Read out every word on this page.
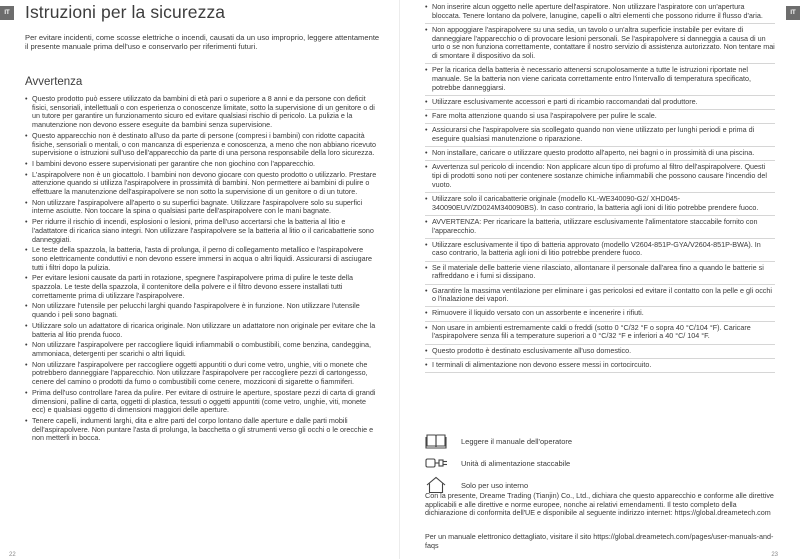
IT Istruzioni per la sicurezza

Per evitare incidenti, come scosse elettriche o incendi, causati da un uso improprio, leggere attentamente il presente manuale prima dell'uso e conservarlo per riferimenti futuri.

Avvertenza
• Questo prodotto può essere utilizzato da bambini di età pari o superiore a 8 anni e da persone con deficit fisici, sensoriali, intellettuali o con esperienza o conoscenze limitate, sotto la supervisione di un genitore o di un tutore per garantire un funzionamento sicuro ed evitare qualsiasi rischio di pericolo. La pulizia e la manutenzione non devono essere eseguite da bambini senza supervisione.
• Questo apparecchio non è destinato all'uso da parte di persone (compresi i bambini) con ridotte capacità fisiche, sensoriali o mentali, o con mancanza di esperienza e conoscenza, a meno che non abbiano ricevuto supervisione o istruzioni sull'uso dell'apparecchio da parte di una persona responsabile della loro sicurezza.
• I bambini devono essere supervisionati per garantire che non giochino con l'apparecchio.
• L'aspirapolvere non è un giocattolo. I bambini non devono giocare con questo prodotto o utilizzarlo. Prestare attenzione quando si utilizza l'aspirapolvere in prossimità di bambini. Non permettere ai bambini di pulire o effettuare la manutenzione dell'aspirapolvere se non sotto la supervisione di un genitore o di un tutore.
• Non utilizzare l'aspirapolvere all'aperto o su superfici bagnate. Utilizzare l'aspirapolvere solo su superfici interne asciutte. Non toccare la spina o qualsiasi parte dell'aspirapolvere con le mani bagnate.
• Per ridurre il rischio di incendi, esplosioni o lesioni, prima dell'uso accertarsi che la batteria al litio e l'adattatore di ricarica siano integri. Non utilizzare l'aspirapolvere se la batteria al litio o il caricabatterie sono danneggiati.
• Le teste della spazzola, la batteria, l'asta di prolunga, il perno di collegamento metallico e l'aspirapolvere sono elettricamente conduttivi e non devono essere immersi in acqua o altri liquidi. Assicurarsi di asciugare tutti i filtri dopo la pulizia.
• Per evitare lesioni causate da parti in rotazione, spegnere l'aspirapolvere prima di pulire le teste della spazzola. Le teste della spazzola, il contenitore della polvere e il filtro devono essere installati tutti correttamente prima di utilizzare l'aspirapolvere.
• Non utilizzare l'utensile per pelucchi larghi quando l'aspirapolvere è in funzione. Non utilizzare l'utensile quando i peli sono bagnati.
• Utilizzare solo un adattatore di ricarica originale. Non utilizzare un adattatore non originale per evitare che la batteria al litio prenda fuoco.
• Non utilizzare l'aspirapolvere per raccogliere liquidi infiammabili o combustibili, come benzina, candeggina, ammoniaca, detergenti per scarichi o altri liquidi.
• Non utilizzare l'aspirapolvere per raccogliere oggetti appuntiti o duri come vetro, unghie, viti o monete che potrebbero danneggiare l'apparecchio. Non utilizzare l'aspirapolvere per raccogliere pezzi di cartongesso, cenere del camino o prodotti da fumo o combustibili come cenere, mozziconi di sigarette o fiammiferi.
• Prima dell'uso controllare l'area da pulire. Per evitare di ostruire le aperture, spostare pezzi di carta di grandi dimensioni, palline di carta, oggetti di plastica, tessuti o oggetti appuntiti (come vetro, unghie, viti, monete ecc) e qualsiasi oggetto di dimensioni maggiori delle aperture.
• Tenere capelli, indumenti larghi, dita e altre parti del corpo lontano dalle aperture e dalle parti mobili dell'aspirapolvere. Non puntare l'asta di prolunga, la bacchetta o gli strumenti verso gli occhi o le orecchie e non metterli in bocca.
22
IT
• Non inserire alcun oggetto nelle aperture dell'aspiratore. Non utilizzare l'aspiratore con un'apertura bloccata. Tenere lontano da polvere, lanugine, capelli o altri elementi che possono ridurre il flusso d'aria.
• Non appoggiare l'aspirapolvere su una sedia, un tavolo o un'altra superficie instabile per evitare di danneggiare l'apparecchio o di provocare lesioni personali. Se l'aspirapolvere si danneggia a causa di un urto o se non funziona correttamente, contattare il nostro servizio di assistenza autorizzato. Non tentare mai di smontare il dispositivo da soli.
• Per la ricarica della batteria è necessario attenersi scrupolosamente a tutte le istruzioni riportate nel manuale. Se la batteria non viene caricata correttamente entro l'intervallo di temperatura specificato, potrebbe danneggiarsi.
• Utilizzare esclusivamente accessori e parti di ricambio raccomandati dal produttore.
• Fare molta attenzione quando si usa l'aspirapolvere per pulire le scale.
• Assicurarsi che l'aspirapolvere sia scollegato quando non viene utilizzato per lunghi periodi e prima di eseguire qualsiasi manutenzione o riparazione.
• Non installare, caricare o utilizzare questo prodotto all'aperto, nei bagni o in prossimità di una piscina.
• Avvertenza sul pericolo di incendio: Non applicare alcun tipo di profumo al filtro dell'aspirapolvere. Questi tipi di prodotti sono noti per contenere sostanze chimiche infiammabili che possono causare l'incendio del vuoto.
• Utilizzare solo il caricabatterie originale (modello KL-WE340090-G2/ XHD045-340090EUV/ZD024M340090BS). In caso contrario, la batteria agli ioni di litio potrebbe prendere fuoco.
• AVVERTENZA: Per ricaricare la batteria, utilizzare esclusivamente l'alimentatore staccabile fornito con l'apparecchio.
• Utilizzare esclusivamente il tipo di batteria approvato (modello V2604-851P-GYA/V2604-851P-BWA). In caso contrario, la batteria agli ioni di litio potrebbe prendere fuoco.
• Se il materiale delle batterie viene rilasciato, allontanare il personale dall'area fino a quando le batterie si raffreddano e i fumi si dissipano.
• Garantire la massima ventilazione per eliminare i gas pericolosi ed evitare il contatto con la pelle e gli occhi o l'inalazione dei vapori.
• Rimuovere il liquido versato con un assorbente e incenerire i rifiuti.
• Non usare in ambienti estremamente caldi o freddi (sotto 0 °C/32 °F o sopra 40 °C/104 °F). Caricare l'aspirapolvere senza fili a temperature superiori a 0 °C/32 °F e inferiori a 40 °C/ 104 °F.
• Questo prodotto è destinato esclusivamente all'uso domestico.
• I terminali di alimentazione non devono essere messi in cortocircuito.
Leggere il manuale dell'operatore
Unità di alimentazione staccabile
Solo per uso interno

Con la presente, Dreame Trading (Tianjin) Co., Ltd., dichiara che questo apparecchio e conforme alle direttive applicabili e alle direttive e norme europee, nonche ai relativi emendamenti. Il testo completo della dichiarazione di conformita dell'UE e disponibile al seguente indirizzo internet: https://global.dreametech.com

Per un manuale elettronico dettagliato, visitare il sito https://global.dreametech.com/pages/user-manuals-and-faqs

23
